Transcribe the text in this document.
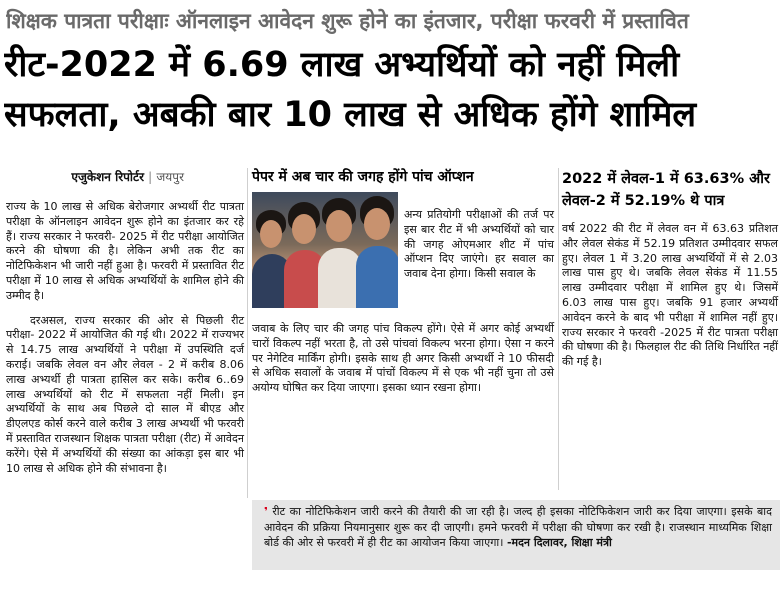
शिक्षक पात्रता परीक्षाः ऑनलाइन आवेदन शुरू होने का इंतजार, परीक्षा फरवरी में प्रस्तावित
रीट-2022 में 6.69 लाख अभ्यर्थियों को नहीं मिली
सफलता, अबकी बार 10 लाख से अधिक होंगे शामिल
एजुकेशन रिपोर्टर | जयपुर

राज्य के 10 लाख से अधिक बेरोजगार अभ्यर्थी रीट पात्रता परीक्षा के ऑनलाइन आवेदन शुरू होने का इंतजार कर रहे हैं। राज्य सरकार ने फरवरी- 2025 में रीट परीक्षा आयोजित करने की घोषणा की है। लेकिन अभी तक रीट का नोटिफिकेशन भी जारी नहीं हुआ है। फरवरी में प्रस्तावित रीट परीक्षा में 10 लाख से अधिक अभ्यर्थियों के शामिल होने की उम्मीद है।

दरअसल, राज्य सरकार की ओर से पिछली रीट परीक्षा- 2022 में आयोजित की गई थी। 2022 में राज्यभर से 14.75 लाख अभ्यर्थियों ने परीक्षा में उपस्थिति दर्ज कराई। जबकि लेवल वन और लेवल - 2 में करीब 8.06 लाख अभ्यर्थी ही पात्रता हासिल कर सके। करीब 6..69 लाख अभ्यर्थियों को रीट में सफलता नहीं मिली। इन अभ्यर्थियों के साथ अब पिछले दो साल में बीएड और डीएलएड कोर्स करने वाले करीब 3 लाख अभ्यर्थी भी फरवरी में प्रस्तावित राजस्थान शिक्षक पात्रता परीक्षा (रीट) में आवेदन करेंगे। ऐसे में अभ्यर्थियों की संख्या का आंकड़ा इस बार भी 10 लाख से अधिक होने की संभावना है।

पेपर में अब चार की जगह होंगे पांच ऑप्शन
अन्य प्रतियोगी परीक्षाओं की तर्ज पर इस बार रीट में भी अभ्यर्थियों को चार की जगह ओएमआर शीट में पांच ऑप्शन दिए जाएंगे। हर सवाल का जवाब देना होगा। किसी सवाल के
जवाब के लिए चार की जगह पांच विकल्प होंगे। ऐसे में अगर कोई अभ्यर्थी चारों विकल्प नहीं भरता है, तो उसे पांचवां विकल्प भरना होगा। ऐसा न करने पर नेगेटिव मार्किंग होगी। इसके साथ ही अगर किसी अभ्यर्थी ने 10 फीसदी से अधिक सवालों के जवाब में पांचों विकल्प में से एक भी नहीं चुना तो उसे अयोग्य घोषित कर दिया जाएगा। इसका ध्यान रखना होगा।
2022 में लेवल-1 में 63.63% और लेवल-2 में 52.19% थे पात्र
वर्ष 2022 की रीट में लेवल वन में 63.63 प्रतिशत और लेवल सेकंड में 52.19 प्रतिशत उम्मीदवार सफल हुए। लेवल 1 में 3.20 लाख अभ्यर्थियों में से 2.03 लाख पास हुए थे। जबकि लेवल सेकंड में 11.55 लाख उम्मीदवार परीक्षा में शामिल हुए थे। जिसमें 6.03 लाख पास हुए। जबकि 91 हजार अभ्यर्थी आवेदन करने के बाद भी परीक्षा में शामिल नहीं हुए। राज्य सरकार ने फरवरी -2025 में रीट पात्रता परीक्षा की घोषणा की है। फिलहाल रीट की तिथि निर्धारित नहीं की गई है।
❜ रीट का नोटिफिकेशन जारी करने की तैयारी की जा रही है। जल्द ही इसका नोटिफिकेशन जारी कर दिया जाएगा। इसके बाद आवेदन की प्रक्रिया नियमानुसार शुरू कर दी जाएगी। हमने फरवरी में परीक्षा की घोषणा कर रखी है। राजस्थान माध्यमिक शिक्षा बोर्ड की ओर से फरवरी में ही रीट का आयोजन किया जाएगा। -मदन दिलावर, शिक्षा मंत्री
